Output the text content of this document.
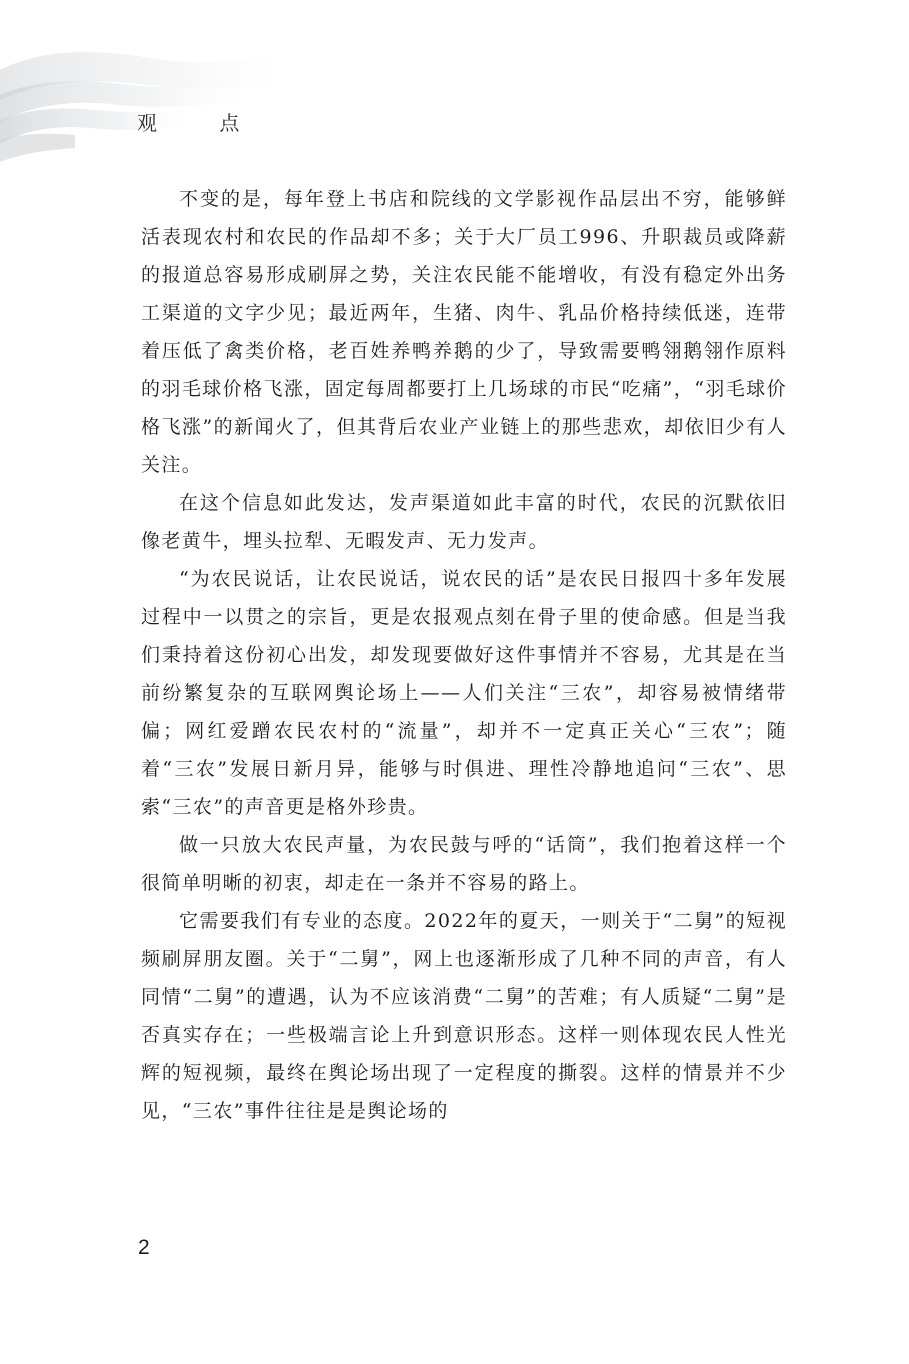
观 点

不变的是，每年登上书店和院线的文学影视作品层出不穷，能够鲜活表现农村和农民的作品却不多；关于大厂员工996、升职裁员或降薪的报道总容易形成刷屏之势，关注农民能不能增收，有没有稳定外出务工渠道的文字少见；最近两年，生猪、肉牛、乳品价格持续低迷，连带着压低了禽类价格，老百姓养鸭养鹅的少了，导致需要鸭翎鹅翎作原料的羽毛球价格飞涨，固定每周都要打上几场球的市民“吃痛”，“羽毛球价格飞涨”的新闻火了，但其背后农业产业链上的那些悲欢，却依旧少有人关注。

在这个信息如此发达，发声渠道如此丰富的时代，农民的沉默依旧像老黄牛，埋头拉犁、无暇发声、无力发声。

“为农民说话，让农民说话，说农民的话”是农民日报四十多年发展过程中一以贯之的宗旨，更是农报观点刻在骨子里的使命感。但是当我们秉持着这份初心出发，却发现要做好这件事情并不容易，尤其是在当前纷繁复杂的互联网舆论场上——人们关注“三农”，却容易被情绪带偏；网红爱蹭农民农村的“流量”，却并不一定真正关心“三农”；随着“三农”发展日新月异，能够与时俱进、理性冷静地追问“三农”、思索“三农”的声音更是格外珍贵。

做一只放大农民声量，为农民鼓与呼的“话筒”，我们抱着这样一个很简单明晰的初衷，却走在一条并不容易的路上。

它需要我们有专业的态度。2022年的夏天，一则关于“二舅”的短视频刷屏朋友圈。关于“二舅”，网上也逐渐形成了几种不同的声音，有人同情“二舅”的遭遇，认为不应该消费“二舅”的苦难；有人质疑“二舅”是否真实存在；一些极端言论上升到意识形态。这样一则体现农民人性光辉的短视频，最终在舆论场出现了一定程度的撕裂。这样的情景并不少见，“三农”事件往往是是舆论场的

2
